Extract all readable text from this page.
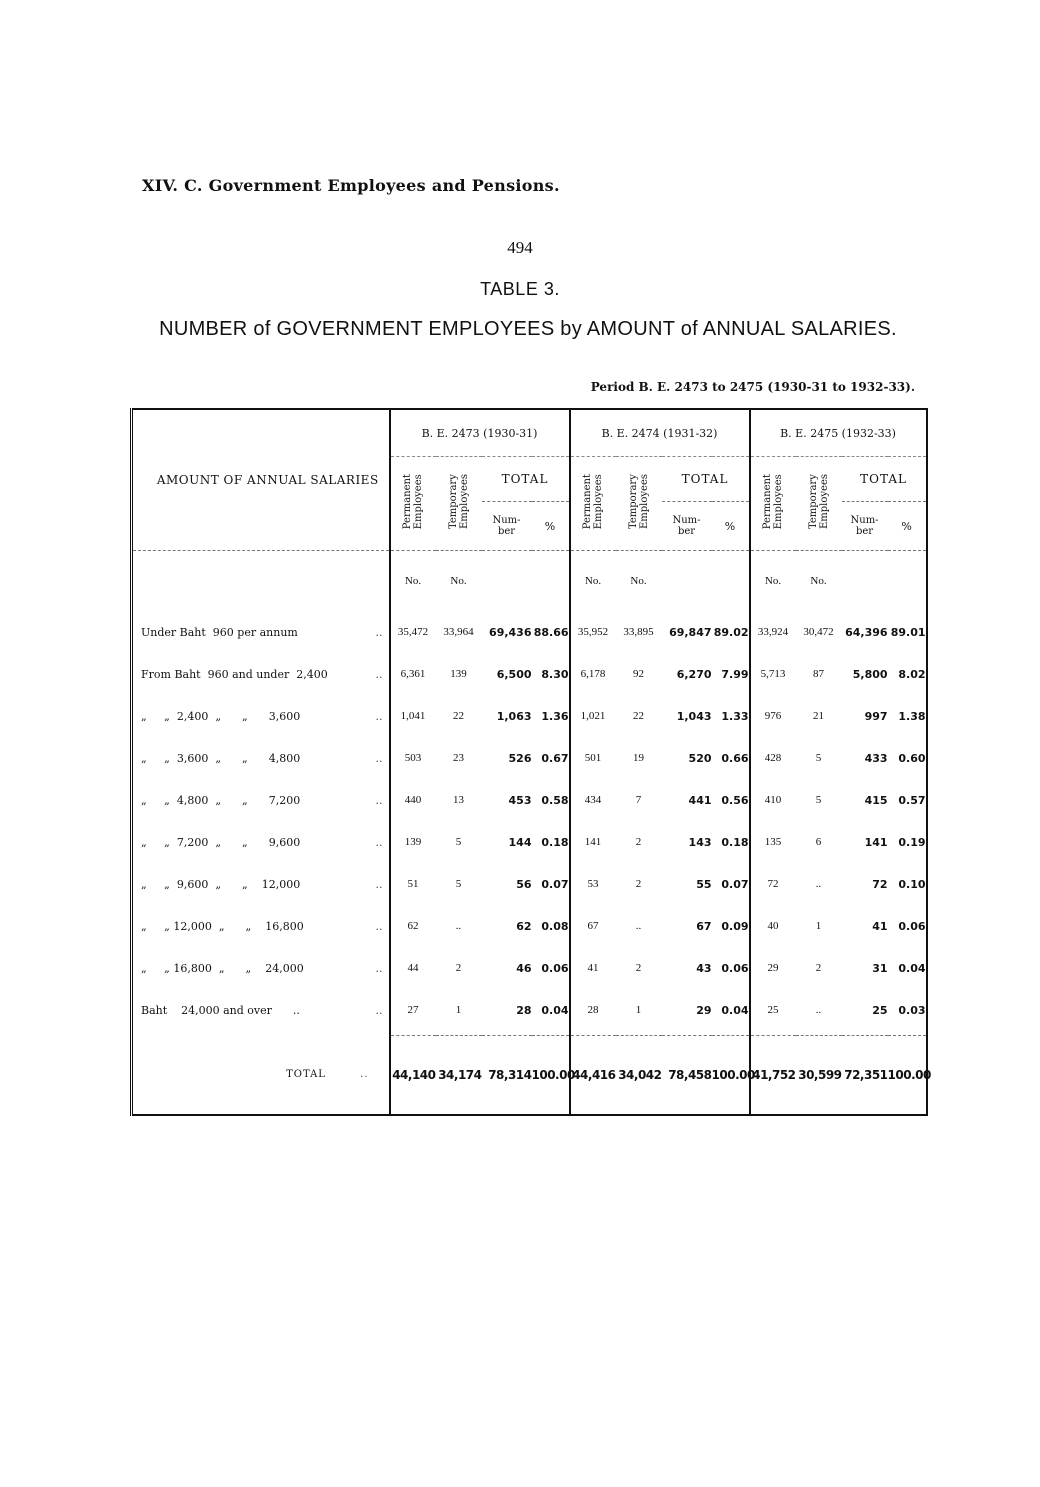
XIV. C. Government Employees and Pensions.
494
TABLE 3.
NUMBER of GOVERNMENT EMPLOYEES by AMOUNT of ANNUAL SALARIES.
Period B. E. 2473 to 2475 (1930-31 to 1932-33).
AMOUNT OF ANNUAL SALARIES	B. E. 2473 (1930-31)				B. E. 2474 (1931-32)				B. E. 2475 (1932-33)			
	Permanent
Employees	Temporary
Employees	TOTAL		Permanent
Employees	Temporary
Employees	TOTAL		Permanent
Employees	Temporary
Employees	TOTAL	
			Num-
ber	%			Num-
ber	%			Num-
ber	%
	No.	No.			No.	No.			No.	No.		
Under Baht  960 per annum ..	35,472	33,964	69,436	88.66	35,952	33,895	69,847	89.02	33,924	30,472	64,396	89.01
From Baht  960 and under  2,400 ..	6,361	139	6,500	8.30	6,178	92	6,270	7.99	5,713	87	5,800	8.02
„     „  2,400  „      „      3,600 ..	1,041	22	1,063	1.36	1,021	22	1,043	1.33	976	21	997	1.38
„     „  3,600  „      „      4,800 ..	503	23	526	0.67	501	19	520	0.66	428	5	433	0.60
„     „  4,800  „      „      7,200 ..	440	13	453	0.58	434	7	441	0.56	410	5	415	0.57
„     „  7,200  „      „      9,600 ..	139	5	144	0.18	141	2	143	0.18	135	6	141	0.19
„     „  9,600  „      „    12,000 ..	51	5	56	0.07	53	2	55	0.07	72	..	72	0.10
„     „ 12,000  „      „    16,800 ..	62	..	62	0.08	67	..	67	0.09	40	1	41	0.06
„     „ 16,800  „      „    24,000 ..	44	2	46	0.06	41	2	43	0.06	29	2	31	0.04
Baht    24,000 and over      .. ..	27	1	28	0.04	28	1	29	0.04	25	..	25	0.03

TOTAL ..	44,140	34,174	78,314	100.00	44,416	34,042	78,458	100.00	41,752	30,599	72,351	100.00
